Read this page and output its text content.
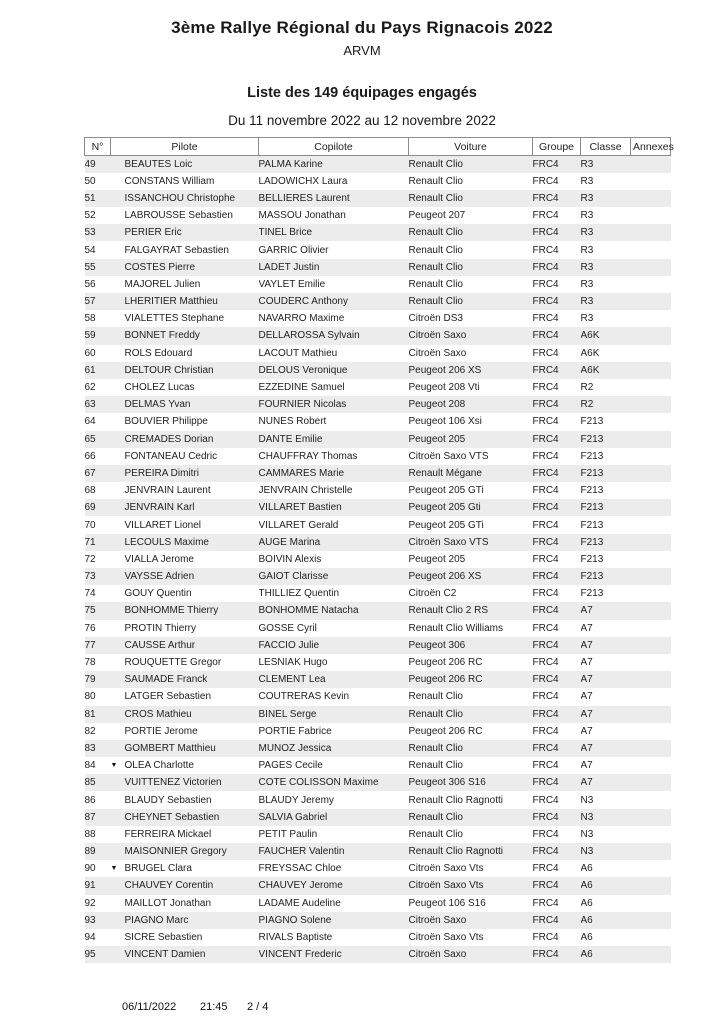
3ème Rallye Régional du Pays Rignacois 2022
ARVM
Liste des 149 équipages engagés
Du 11 novembre 2022 au 12 novembre 2022
N°	Pilote	Copilote	Voiture	Groupe	Classe	Annexes
49	BEAUTES Loic	PALMA Karine	Renault Clio	FRC4	R3	
50	CONSTANS William	LADOWICHX Laura	Renault Clio	FRC4	R3	
51	ISSANCHOU Christophe	BELLIERES Laurent	Renault Clio	FRC4	R3	
52	LABROUSSE Sebastien	MASSOU Jonathan	Peugeot 207	FRC4	R3	
53	PERIER Eric	TINEL Brice	Renault Clio	FRC4	R3	
54	FALGAYRAT Sebastien	GARRIC Olivier	Renault Clio	FRC4	R3	
55	COSTES Pierre	LADET Justin	Renault Clio	FRC4	R3	
56	MAJOREL Julien	VAYLET Emilie	Renault Clio	FRC4	R3	
57	LHERITIER Matthieu	COUDERC Anthony	Renault Clio	FRC4	R3	
58	VIALETTES Stephane	NAVARRO Maxime	Citroën DS3	FRC4	R3	
59	BONNET Freddy	DELLAROSSA Sylvain	Citroën Saxo	FRC4	A6K	
60	ROLS Edouard	LACOUT Mathieu	Citroën Saxo	FRC4	A6K	
61	DELTOUR Christian	DELOUS Veronique	Peugeot 206 XS	FRC4	A6K	
62	CHOLEZ Lucas	EZZEDINE Samuel	Peugeot 208 Vti	FRC4	R2	
63	DELMAS Yvan	FOURNIER Nicolas	Peugeot 208	FRC4	R2	
64	BOUVIER Philippe	NUNES Robert	Peugeot 106 Xsi	FRC4	F213	
65	CREMADES Dorian	DANTE Emilie	Peugeot 205	FRC4	F213	
66	FONTANEAU Cedric	CHAUFFRAY Thomas	Citroën Saxo VTS	FRC4	F213	
67	PEREIRA Dimitri	CAMMARES Marie	Renault Mégane	FRC4	F213	
68	JENVRAIN Laurent	JENVRAIN Christelle	Peugeot 205 GTi	FRC4	F213	
69	JENVRAIN Karl	VILLARET Bastien	Peugeot 205 Gti	FRC4	F213	
70	VILLARET Lionel	VILLARET Gerald	Peugeot 205 GTi	FRC4	F213	
71	LECOULS Maxime	AUGE Marina	Citroën Saxo VTS	FRC4	F213	
72	VIALLA Jerome	BOIVIN Alexis	Peugeot 205	FRC4	F213	
73	VAYSSE Adrien	GAIOT Clarisse	Peugeot 206 XS	FRC4	F213	
74	GOUY Quentin	THILLIEZ Quentin	Citroën C2	FRC4	F213	
75	BONHOMME Thierry	BONHOMME Natacha	Renault Clio 2 RS	FRC4	A7	
76	PROTIN Thierry	GOSSE Cyril	Renault Clio Williams	FRC4	A7	
77	CAUSSE Arthur	FACCIO Julie	Peugeot 306	FRC4	A7	
78	ROUQUETTE Gregor	LESNIAK Hugo	Peugeot 206 RC	FRC4	A7	
79	SAUMADE Franck	CLEMENT Lea	Peugeot 206 RC	FRC4	A7	
80	LATGER Sebastien	COUTRERAS Kevin	Renault Clio	FRC4	A7	
81	CROS Mathieu	BINEL Serge	Renault Clio	FRC4	A7	
82	PORTIE Jerome	PORTIE Fabrice	Peugeot 206 RC	FRC4	A7	
83	GOMBERT Matthieu	MUNOZ Jessica	Renault Clio	FRC4	A7	
84	▼ OLEA Charlotte	PAGES Cecile	Renault Clio	FRC4	A7	
85	VUITTENEZ Victorien	COTE COLISSON Maxime	Peugeot 306 S16	FRC4	A7	
86	BLAUDY Sebastien	BLAUDY Jeremy	Renault Clio Ragnotti	FRC4	N3	
87	CHEYNET Sebastien	SALVIA Gabriel	Renault Clio	FRC4	N3	
88	FERREIRA Mickael	PETIT Paulin	Renault Clio	FRC4	N3	
89	MAISONNIER Gregory	FAUCHER Valentin	Renault Clio Ragnotti	FRC4	N3	
90	▼ BRUGEL Clara	FREYSSAC Chloe	Citroën Saxo Vts	FRC4	A6	
91	CHAUVEY Corentin	CHAUVEY Jerome	Citroën Saxo Vts	FRC4	A6	
92	MAILLOT Jonathan	LADAME Audeline	Peugeot 106 S16	FRC4	A6	
93	PIAGNO Marc	PIAGNO Solene	Citroën Saxo	FRC4	A6	
94	SICRE Sebastien	RIVALS Baptiste	Citroën Saxo Vts	FRC4	A6	
95	VINCENT Damien	VINCENT Frederic	Citroën Saxo	FRC4	A6	
06/11/2022 21:45 2 / 4
